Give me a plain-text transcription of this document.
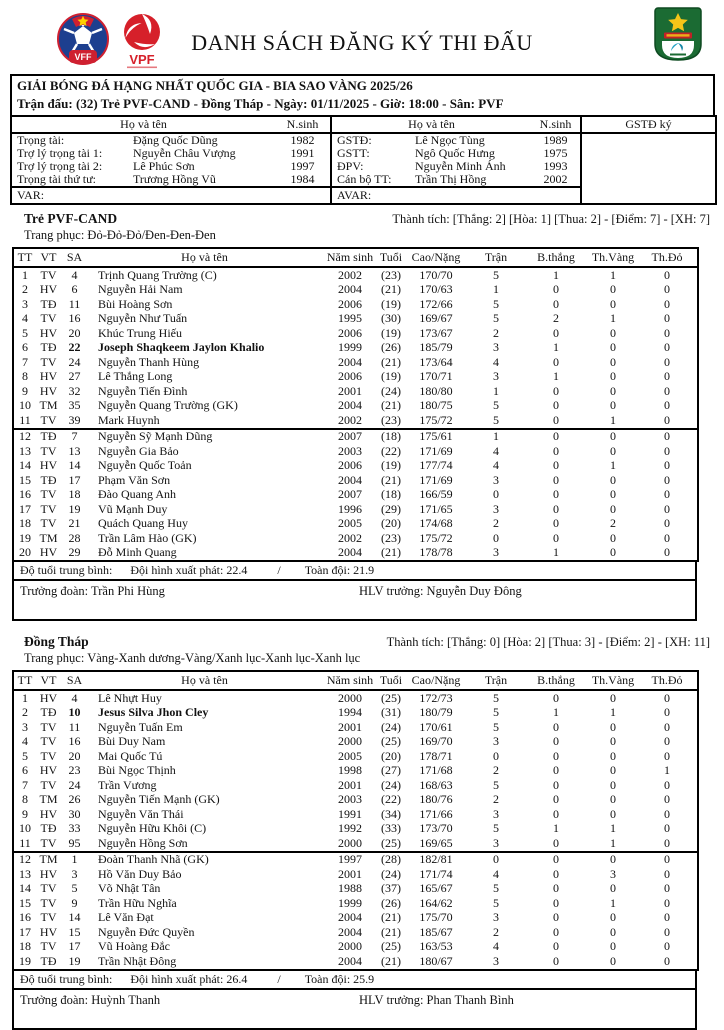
VFF	VPF
DANH SÁCH ĐĂNG KÝ THI ĐẤU
GIẢI BÓNG ĐÁ HẠNG NHẤT QUỐC GIA - BIA SAO VÀNG 2025/26
Trận đấu: (32) Trẻ PVF-CAND - Đồng Tháp - Ngày: 01/11/2025 - Giờ: 18:00 - Sân: PVF
Họ và tên		N.sinh	Họ và tên		N.sinh	GSTĐ ký
Trọng tài:	Đặng Quốc Dũng	1982	GSTĐ:	Lê Ngọc Tùng	1989	
Trợ lý trọng tài 1:	Nguyễn Châu Vượng	1991	GSTT:	Ngô Quốc Hưng	1975	
Trợ lý trọng tài 2:	Lê Phúc Sơn	1997	ĐPV:	Nguyễn Minh Ánh	1993	
Trọng tài thứ tư:	Trương Hồng Vũ	1984	Cán bộ TT:	Trần Thị Hồng	2002	
VAR:			AVAR:			
Trẻ PVF-CAND	Thành tích: [Thắng: 2] [Hòa: 1] [Thua: 2] - [Điểm: 7] - [XH: 7]
Trang phục: Đỏ-Đỏ-Đỏ/Đen-Đen-Đen
TT	VT	SA	Họ và tên	Năm sinh	Tuổi	Cao/Nặng	Trận	B.thắng	Th.Vàng	Th.Đỏ
1	TV	4	Trịnh Quang Trường (C)	2002	(23)	170/70	5	1	1	0
2	HV	6	Nguyễn Hải Nam	2004	(21)	170/63	1	0	0	0
3	TĐ	11	Bùi Hoàng Sơn	2006	(19)	172/66	5	0	0	0
4	TV	16	Nguyễn Như Tuấn	1995	(30)	169/67	5	2	1	0
5	HV	20	Khúc Trung Hiếu	2006	(19)	173/67	2	0	0	0
6	TĐ	22	Joseph Shaqkeem Jaylon Khalio	1999	(26)	185/79	3	1	0	0
7	TV	24	Nguyễn Thanh Hùng	2004	(21)	173/64	4	0	0	0
8	HV	27	Lê Thắng Long	2006	(19)	170/71	3	1	0	0
9	HV	32	Nguyễn Tiến Đình	2001	(24)	180/80	1	0	0	0
10	TM	35	Nguyễn Quang Trường (GK)	2004	(21)	180/75	5	0	0	0
11	TV	39	Mark Huynh	2002	(23)	175/72	5	0	1	0
12	TĐ	7	Nguyễn Sỹ Mạnh Dũng	2007	(18)	175/61	1	0	0	0
13	TV	13	Nguyễn Gia Bảo	2003	(22)	171/69	4	0	0	0
14	HV	14	Nguyễn Quốc Toản	2006	(19)	177/74	4	0	1	0
15	TĐ	17	Phạm Văn Sơn	2004	(21)	171/69	3	0	0	0
16	TV	18	Đào Quang Anh	2007	(18)	166/59	0	0	0	0
17	TV	19	Vũ Mạnh Duy	1996	(29)	171/65	3	0	0	0
18	TV	21	Quách Quang Huy	2005	(20)	174/68	2	0	2	0
19	TM	28	Trần Lâm Hào (GK)	2002	(23)	175/72	0	0	0	0
20	HV	29	Đỗ Minh Quang	2004	(21)	178/78	3	1	0	0
Độ tuổi trung bình: Đội hình xuất phát: 22.4	/ Toàn đội: 21.9
Trưởng đoàn: Trần Phi Hùng	HLV trưởng: Nguyễn Duy Đông
Đồng Tháp	Thành tích: [Thắng: 0] [Hòa: 2] [Thua: 3] - [Điểm: 2] - [XH: 11]
Trang phục: Vàng-Xanh dương-Vàng/Xanh lục-Xanh lục-Xanh lục
TT	VT	SA	Họ và tên	Năm sinh	Tuổi	Cao/Nặng	Trận	B.thắng	Th.Vàng	Th.Đỏ
1	HV	4	Lê Nhựt Huy	2000	(25)	172/73	5	0	0	0
2	TĐ	10	Jesus Silva Jhon Cley	1994	(31)	180/79	5	1	1	0
3	TV	11	Nguyễn Tuấn Em	2001	(24)	170/61	5	0	0	0
4	TV	16	Bùi Duy Nam	2000	(25)	169/70	3	0	0	0
5	TV	20	Mai Quốc Tú	2005	(20)	178/71	0	0	0	0
6	HV	23	Bùi Ngọc Thịnh	1998	(27)	171/68	2	0	0	1
7	TV	24	Trần Vương	2001	(24)	168/63	5	0	0	0
8	TM	26	Nguyễn Tiến Mạnh (GK)	2003	(22)	180/76	2	0	0	0
9	HV	30	Nguyễn Văn Thái	1991	(34)	171/66	3	0	0	0
10	TĐ	33	Nguyễn Hữu Khôi (C)	1992	(33)	173/70	5	1	1	0
11	TV	95	Nguyễn Hồng Sơn	2000	(25)	169/65	3	0	1	0
12	TM	1	Đoàn Thanh Nhã (GK)	1997	(28)	182/81	0	0	0	0
13	HV	3	Hồ Văn Duy Bảo	2001	(24)	171/74	4	0	3	0
14	TV	5	Võ Nhật Tân	1988	(37)	165/67	5	0	0	0
15	TV	9	Trần Hữu Nghĩa	1999	(26)	164/62	5	0	1	0
16	TV	14	Lê Văn Đạt	2004	(21)	175/70	3	0	0	0
17	HV	15	Nguyễn Đức Quyền	2004	(21)	185/67	2	0	0	0
18	TV	17	Vũ Hoàng Đắc	2000	(25)	163/53	4	0	0	0
19	TĐ	19	Trần Nhật Đông	2004	(21)	180/67	3	0	0	0
Độ tuổi trung bình: Đội hình xuất phát: 26.4	/ Toàn đội: 25.9
Trưởng đoàn: Huỳnh Thanh	HLV trưởng: Phan Thanh Bình
